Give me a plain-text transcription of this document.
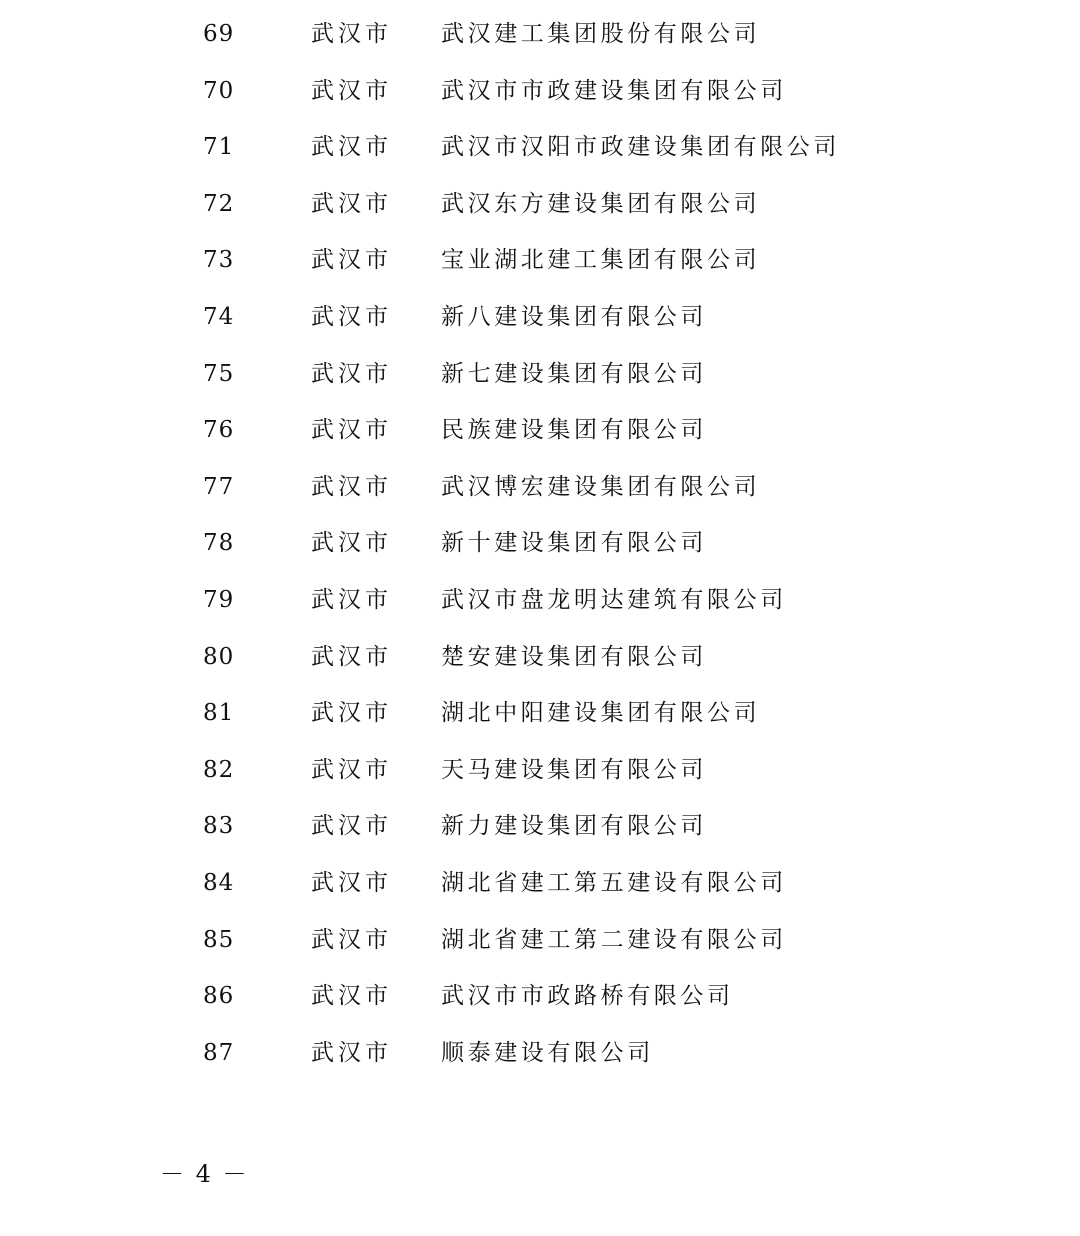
69	武汉市 武汉建工集团股份有限公司
70	武汉市 武汉市市政建设集团有限公司
71	武汉市 武汉市汉阳市政建设集团有限公司
72	武汉市 武汉东方建设集团有限公司
73	武汉市 宝业湖北建工集团有限公司
74	武汉市 新八建设集团有限公司
75	武汉市 新七建设集团有限公司
76	武汉市 民族建设集团有限公司
77	武汉市 武汉博宏建设集团有限公司
78	武汉市 新十建设集团有限公司
79	武汉市 武汉市盘龙明达建筑有限公司
80	武汉市 楚安建设集团有限公司
81	武汉市 湖北中阳建设集团有限公司
82	武汉市 天马建设集团有限公司
83	武汉市 新力建设集团有限公司
84	武汉市 湖北省建工第五建设有限公司
85	武汉市 湖北省建工第二建设有限公司
86	武汉市 武汉市市政路桥有限公司
87	武汉市 顺泰建设有限公司
－ 4 －
